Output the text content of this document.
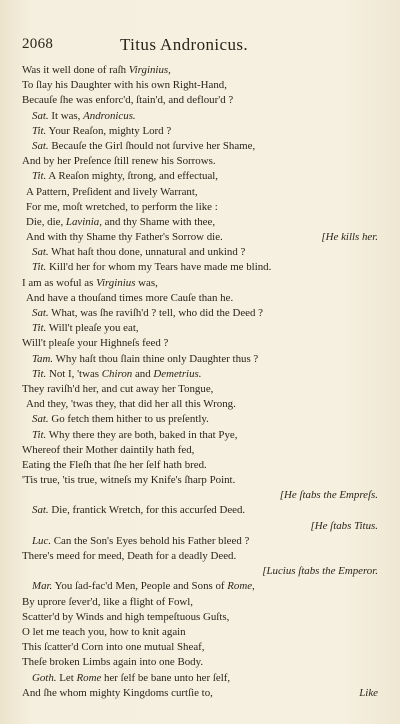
2068	Titus Andronicus.
Was it well done of raſh Virginius,
To ſlay his Daughter with his own Right-Hand,
Becauſe ſhe was enforc'd, ſtain'd, and deflour'd ?
Sat. It was, Andronicus.
Tit. Your Reaſon, mighty Lord ?
Sat. Becauſe the Girl ſhould not ſurvive her Shame,
And by her Preſence ſtill renew his Sorrows.
Tit. A Reaſon mighty, ſtrong, and effectual,
A Pattern, Preſident and lively Warrant,
For me, moſt wretched, to perform the like :
Die, die, Lavinia, and thy Shame with thee,
And with thy Shame thy Father's Sorrow die.	[He kills her.
Sat. What haſt thou done, unnatural and unkind ?
Tit. Kill'd her for whom my Tears have made me blind.
I am as woful as Virginius was,
And have a thouſand times more Cauſe than he.
Sat. What, was ſhe raviſh'd ? tell, who did the Deed ?
Tit. Will't pleaſe you eat,
Will't pleaſe your Highneſs feed ?
Tam. Why haſt thou ſlain thine only Daughter thus ?
Tit. Not I, 'twas Chiron and Demetrius.
They raviſh'd her, and cut away her Tongue,
And they, 'twas they, that did her all this Wrong.
Sat. Go fetch them hither to us preſently.
Tit. Why there they are both, baked in that Pye,
Whereof their Mother daintily hath fed,
Eating the Fleſh that ſhe her ſelf hath bred.
'Tis true, 'tis true, witneſs my Knife's ſharp Point.
[He ſtabs the Empreſs.
Sat. Die, frantick Wretch, for this accurſed Deed.
[He ſtabs Titus.
Luc. Can the Son's Eyes behold his Father bleed ?
There's meed for meed, Death for a deadly Deed.
[Lucius ſtabs the Emperor.
Mar. You ſad-fac'd Men, People and Sons of Rome,
By uprore ſever'd, like a flight of Fowl,
Scatter'd by Winds and high tempeſtuous Guſts,
O let me teach you, how to knit again
This ſcatter'd Corn into one mutual Sheaf,
Theſe broken Limbs again into one Body.
Goth. Let Rome her ſelf be bane unto her ſelf,
And ſhe whom mighty Kingdoms curtſie to,	Like
